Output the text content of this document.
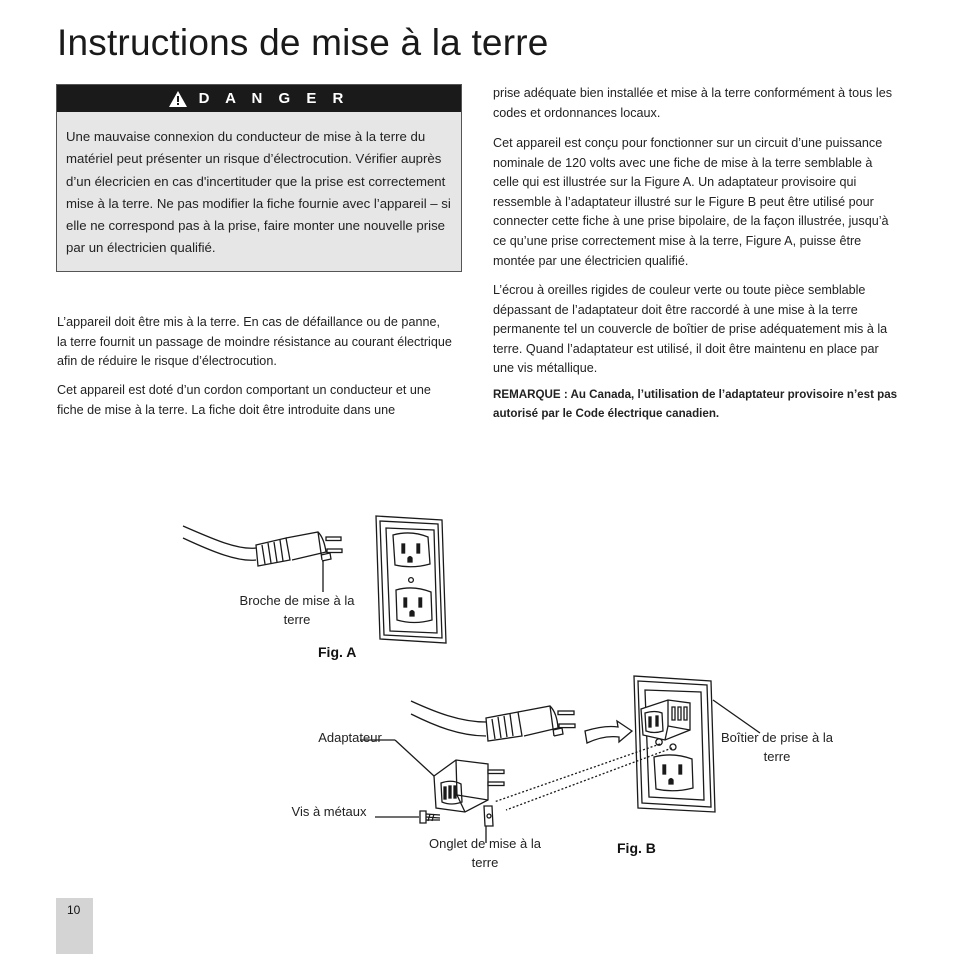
Instructions de mise à la terre
D A N G E R
Une mauvaise connexion du conducteur de mise à la terre du matériel peut présenter un risque d’électrocution. Vérifier auprès d’un élecricien en cas d'incertituder que la prise est correctement mise à la terre. Ne pas modifier la fiche fournie avec l’appareil – si elle ne correspond pas à la prise, faire monter une nouvelle prise par un électricien qualifié.

L’appareil doit être mis à la terre. En cas de défaillance ou de panne, la terre fournit un passage de moindre résistance au courant électrique afin de réduire le risque d’électrocution.

Cet appareil est doté d’un cordon comportant un conducteur et une fiche de mise à la terre. La fiche doit être introduite dans une

prise adéquate bien installée et mise à la terre conformément à tous les codes et ordonnances locaux.

Cet appareil est conçu pour fonctionner sur un circuit d’une puissance nominale de 120 volts avec une fiche de mise à la terre semblable à celle qui est illustrée sur la Figure A. Un adaptateur provisoire qui ressemble à l’adaptateur illustré sur le Figure B peut être utilisé pour connecter cette fiche à une prise bipolaire, de la façon illustrée, jusqu’à ce qu’une prise correctement mise à la terre, Figure A, puisse être montée par une électricien qualifié.

L’écrou à oreilles rigides de couleur verte ou toute pièce semblable dépassant de l’adaptateur doit être raccordé à une mise à la terre permanente tel un couvercle de boîtier de prise adéquatement mis à la terre. Quand l’adaptateur est utilisé, il doit être maintenu en place par une vis métallique.

REMARQUE : Au Canada, l’utilisation de l’adaptateur provisoire n’est pas autorisé par le Code électrique canadien.

Broche de mise à la terre
Fig. A
Adaptateur
Vis à métaux
Onglet de mise à la terre
Boîtier de prise à la terre
Fig. B
10
